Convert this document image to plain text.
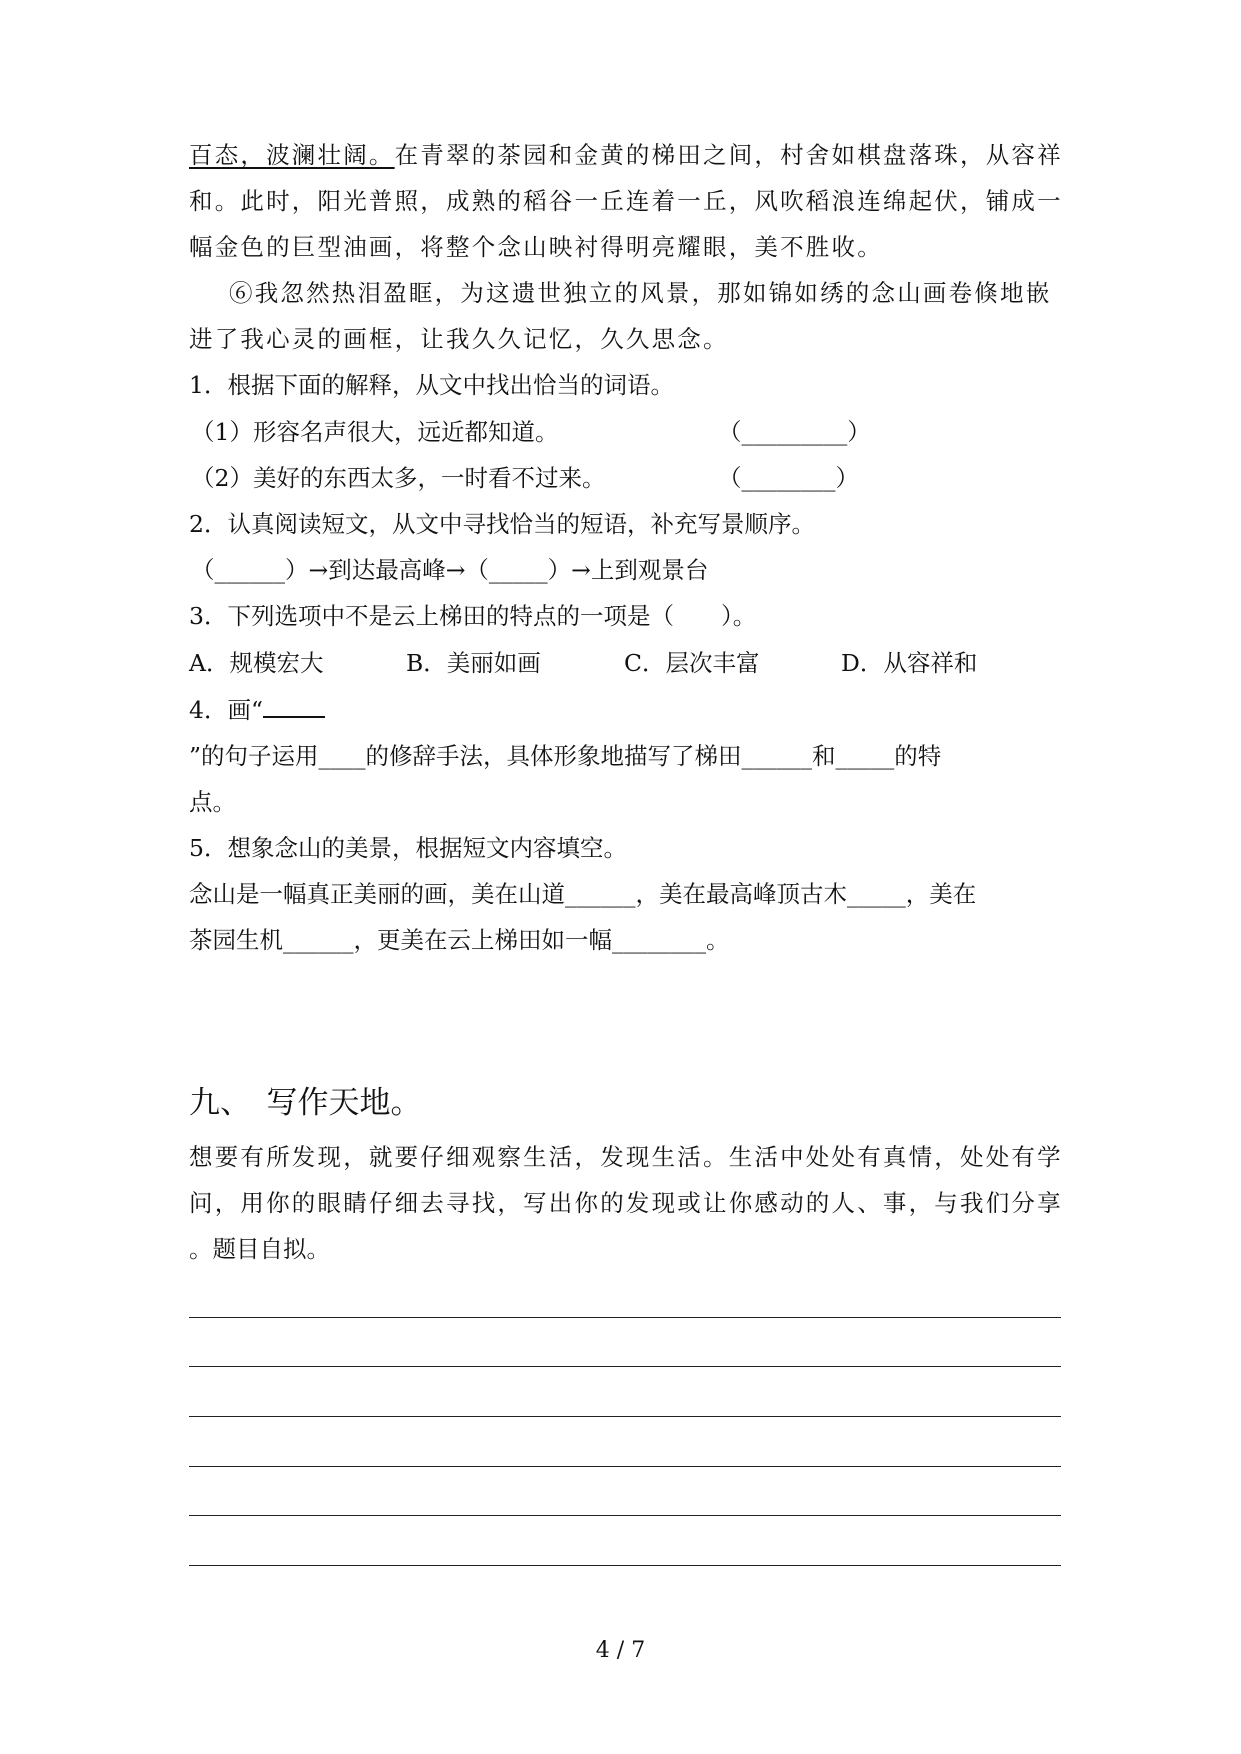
百态，波澜壮阔。在青翠的茶园和金黄的梯田之间，村舍如棋盘落珠，从容祥
和。此时，阳光普照，成熟的稻谷一丘连着一丘，风吹稻浪连绵起伏，铺成一
幅金色的巨型油画，将整个念山映衬得明亮耀眼，美不胜收。
⑥我忽然热泪盈眶，为这遗世独立的风景，那如锦如绣的念山画卷倏地嵌
进了我心灵的画框，让我久久记忆，久久思念。
1．根据下面的解释，从文中找出恰当的词语。
（1）形容名声很大，远近都知道。	（_________）
（2）美好的东西太多，一时看不过来。	（________）
2．认真阅读短文，从文中寻找恰当的短语，补充写景顺序。
（______）→到达最高峰→（_____）→上到观景台
3．下列选项中不是云上梯田的特点的一项是（　　）。
A．规模宏大	B．美丽如画	C．层次丰富	D．从容祥和
4．画“
”的句子运用____的修辞手法，具体形象地描写了梯田______和_____的特
点。
5．想象念山的美景，根据短文内容填空。
念山是一幅真正美丽的画，美在山道______，美在最高峰顶古木_____，美在
茶园生机______，更美在云上梯田如一幅________。
九、　写作天地。
想要有所发现，就要仔细观察生活，发现生活。生活中处处有真情，处处有学
问，用你的眼睛仔细去寻找，写出你的发现或让你感动的人、事，与我们分享
。题目自拟。
4 / 7
